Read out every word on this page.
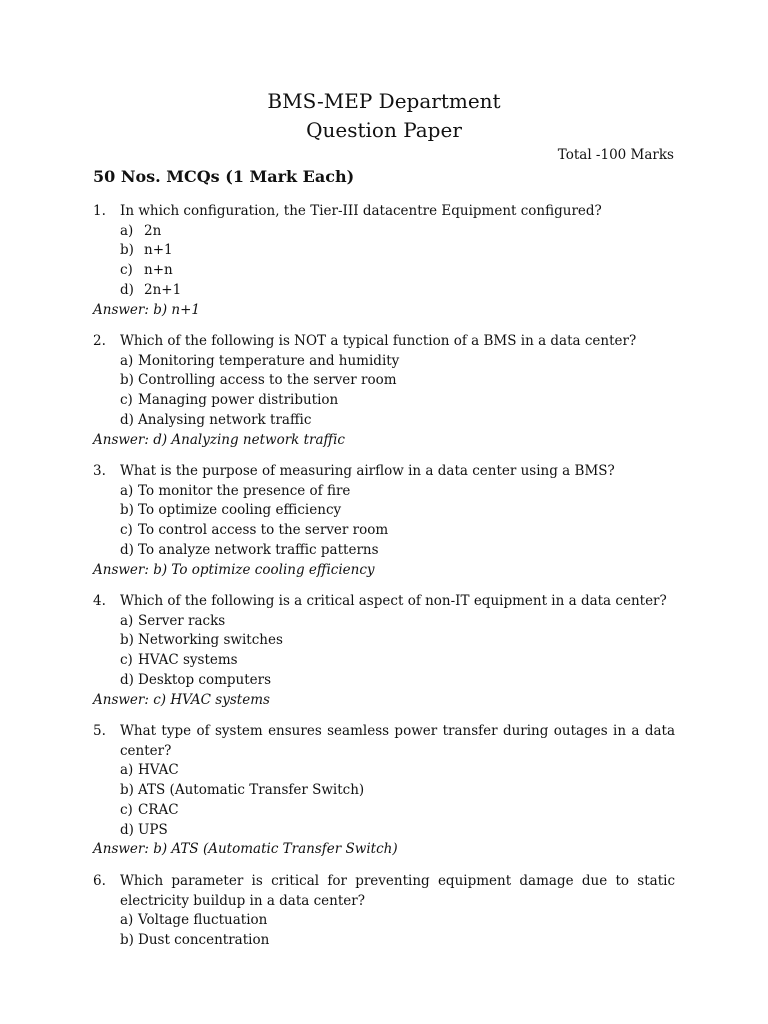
BMS-MEP Department
Question Paper
Total -100 Marks
50 Nos. MCQs (1 Mark Each)
1.	In which configuration, the Tier-III datacentre Equipment configured?
a) 2n
b) n+1
c) n+n
d) 2n+1
Answer: b) n+1
2.	Which of the following is NOT a typical function of a BMS in a data center?
a) Monitoring temperature and humidity
b) Controlling access to the server room
c) Managing power distribution
d) Analysing network traffic
Answer: d) Analyzing network traffic
3.	What is the purpose of measuring airflow in a data center using a BMS?
a) To monitor the presence of fire
b) To optimize cooling efficiency
c) To control access to the server room
d) To analyze network traffic patterns
Answer: b) To optimize cooling efficiency
4.	Which of the following is a critical aspect of non-IT equipment in a data center?
a) Server racks
b) Networking switches
c) HVAC systems
d) Desktop computers
Answer: c) HVAC systems
5.	What type of system ensures seamless power transfer during outages in a data center?
a) HVAC
b) ATS (Automatic Transfer Switch)
c) CRAC
d) UPS
Answer: b) ATS (Automatic Transfer Switch)
6.	Which parameter is critical for preventing equipment damage due to static electricity buildup in a data center?
a) Voltage fluctuation
b) Dust concentration
